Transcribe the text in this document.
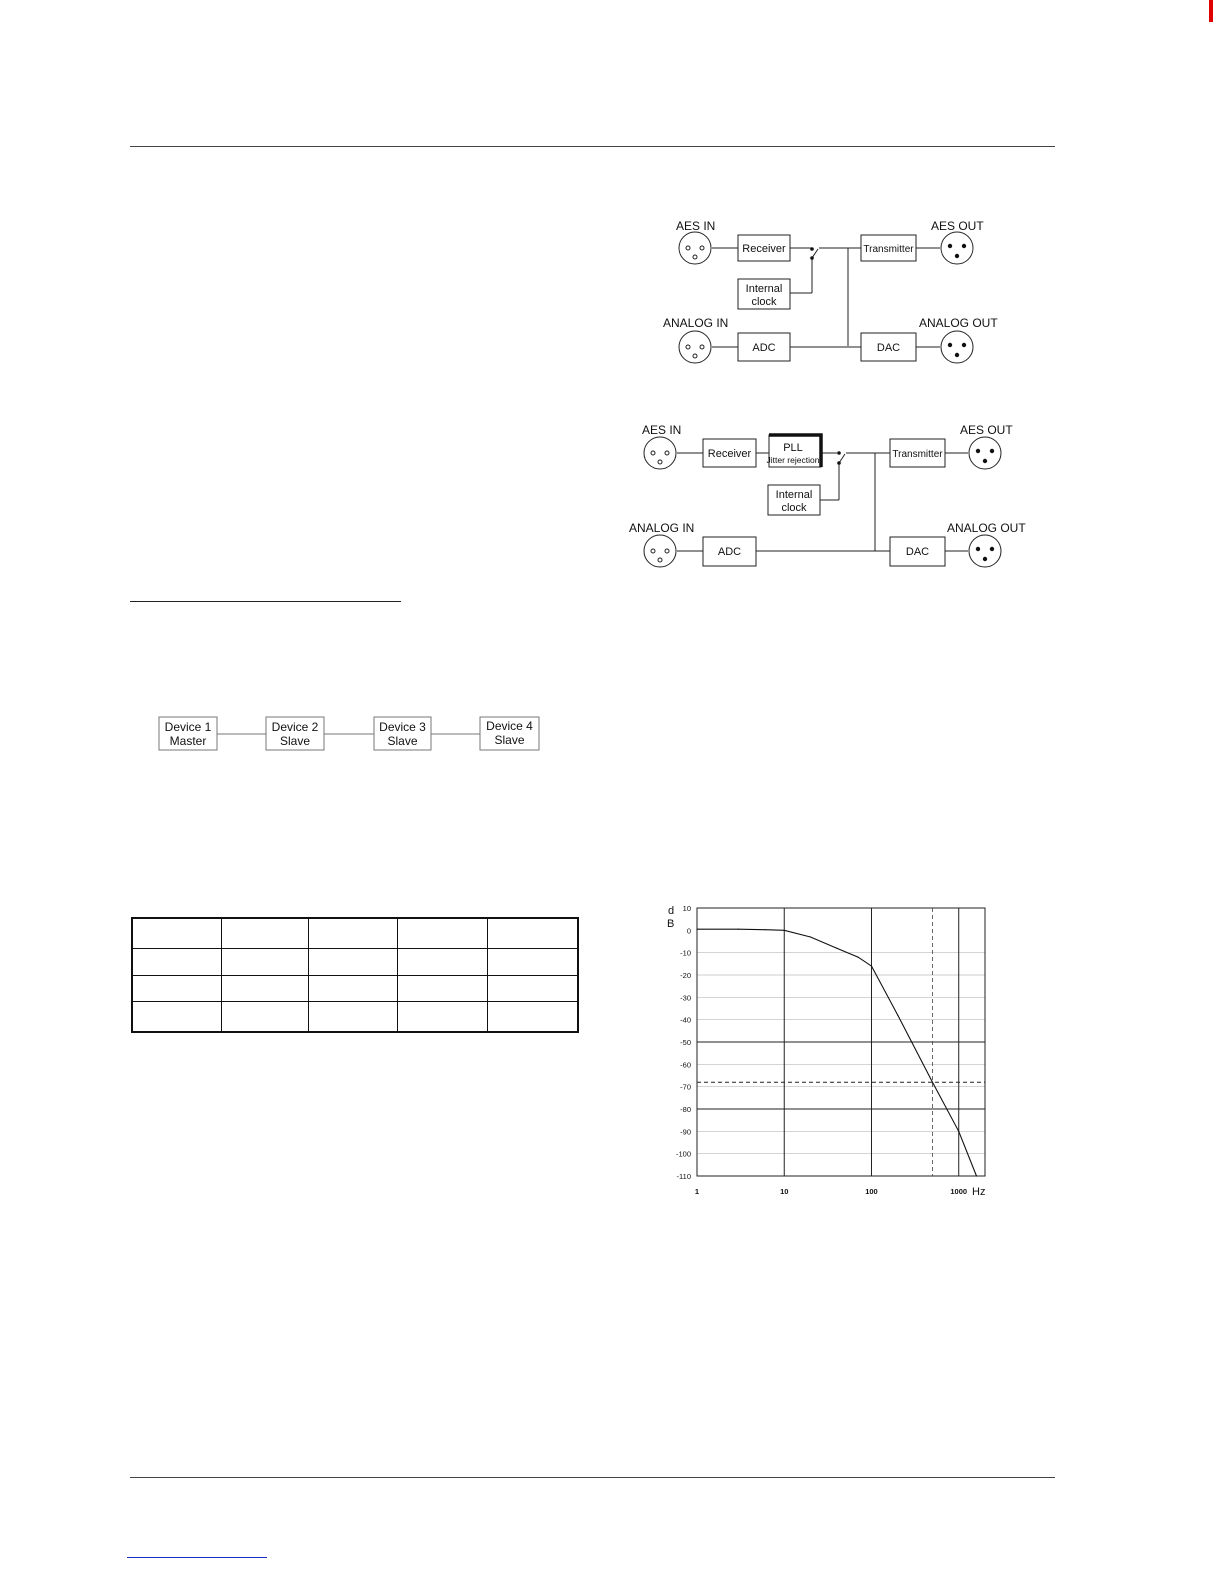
AES IN	AES OUT
ANALOG IN	ANALOG OUT
Receiver	Transmitter
Internal
clock
ADC	DAC
AES IN	AES OUT
ANALOG IN	ANALOG OUT
Receiver	PLL
Jitter rejection	Transmitter
Internal
clock
ADC	DAC
Device 1
Master
Device 2
Slave
Device 3
Slave
Device 4
Slave

d
B
Hz
10
0
-10
-20
-30
-40
-50
-60
-70
-80
-90
-100
-110
1	10	100	1000
